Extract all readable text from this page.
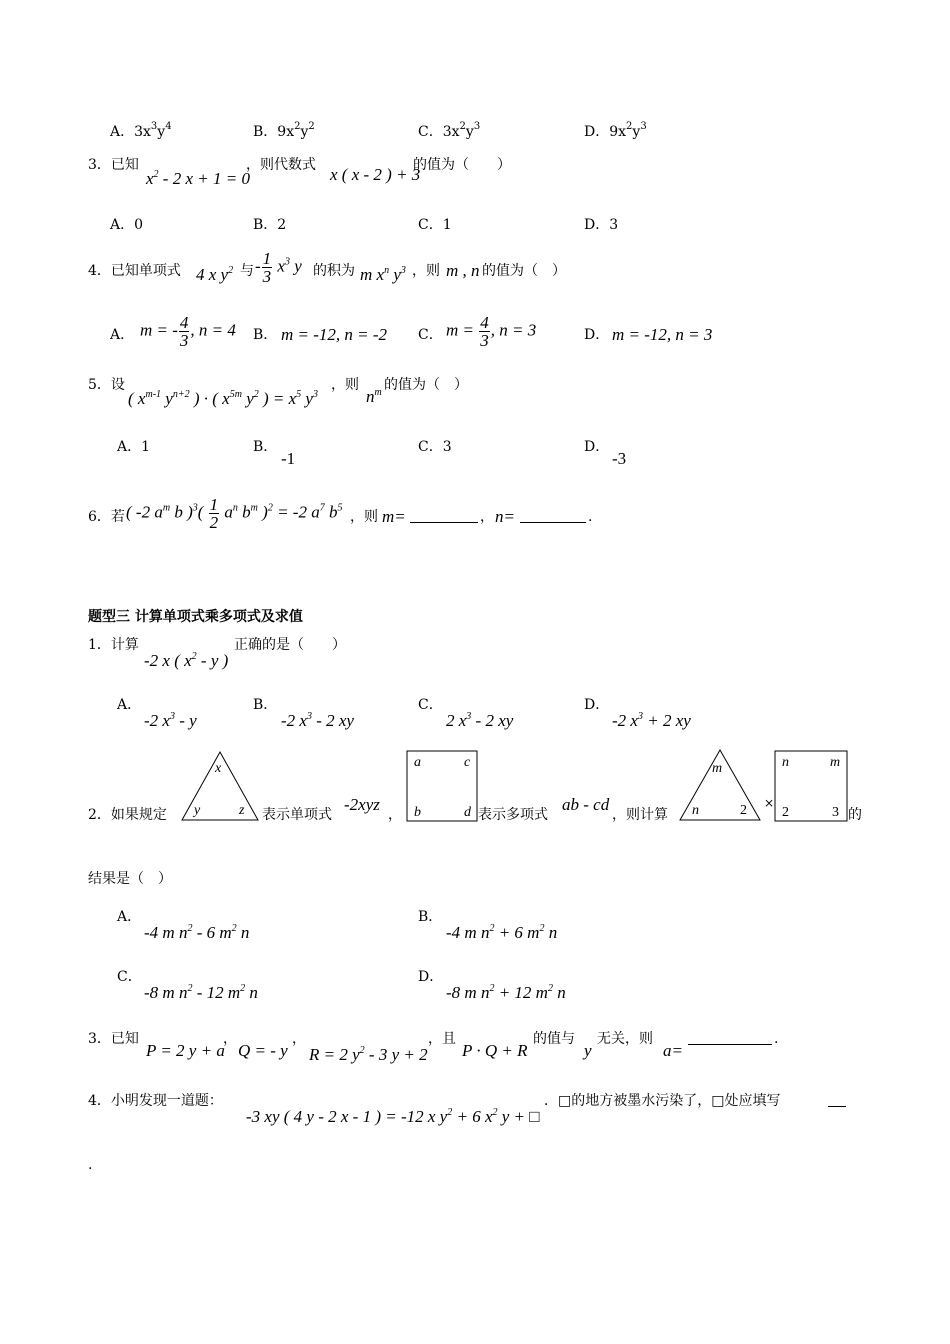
A．$3x^3y^4$	B．$9x^2y^2$	C．$3x^2y^3$	D．$9x^2y^3$
3．已知
$x^2 - 2$ x + 1 = 0
，则代数式 x ( x - 2 ) + 3
的值为（　　）
A．0	B．2	C．1	D．3
4．已知单项式 4 x $y^2$ 与 - $\frac{1}{3} x^3$ y 的积为 m $x^n$ $y^3$ ，则 m , n 的值为（　）
A． m = - $\frac{4}{3}$ , n = 4 B． m = -12, n = -2 C． $m = \frac{4}{3}$ , n = 3	D． m = -12, n = 3
5．设
( $x^{m-1}$ $y^{n+2}$ ) · ( $x^{5m}$ $y^2$ ) = $x^5$ $y^3$
，则
$n^m$ 的值为（　）
A．1	B．
-1
C．3	D．
-3
6．若 ( -2 $a^m$ b )$^3( \frac{1}{2} a^n$ $b^m$ )$^2$ = -2 $a^7$ $b^5$
，则 m=	， n=	.
题型三 计算单项式乘多项式及求值
1．计算
-2 x ( $x^2$ - y )
正确的是（　　）
A．
-2 $x^3$ - y
B．
-2 $x^3 - 2$ xy
C．
2 $x^3 - 2$ xy
D．
-2 $x^3 + 2$ xy
2．如果规定
x
y	z 表示单项式
-2xyz
，
a	c
b	d 表示多项式
ab - cd
，则计算
m
n	2 ×
n	m
2	3 的
结果是（　）
A．
-4 m $n^2 - 6$ $m^2$ n
B．
-4 m $n^2 + 6$ $m^2$ n
C．
-8 m $n^2 - 12$ $m^2$ n
D．
-8 m $n^2 + 12$ $m^2$ n
3．已知
P = 2 y + a
，
Q = - y
，
R = 2 $y^2 - 3$ y + 2
，且
P · Q + R
的值与
y
无关，则
a=
.
4．小明发现一道题：
-3 xy ( 4 y - 2 x - 1 ) = -12 x $y^2 + 6$ $x^2$ y + □
．□的地方被墨水污染了，□处应填写
.
